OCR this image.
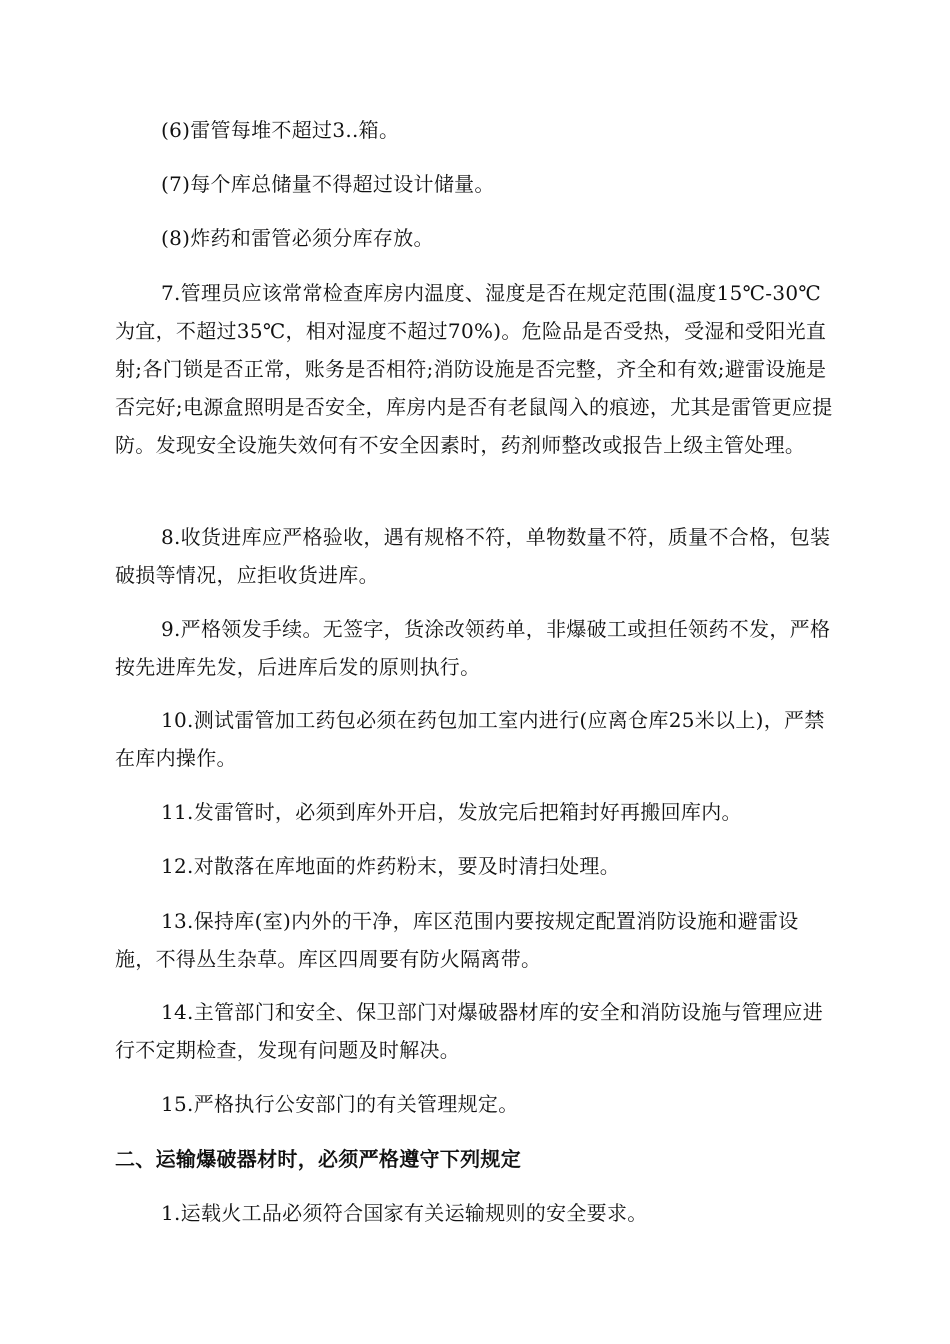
(6)雷管每堆不超过3..箱。

(7)每个库总储量不得超过设计储量。

(8)炸药和雷管必须分库存放。

7.管理员应该常常检查库房内温度、湿度是否在规定范围(温度15℃-30℃为宜，不超过35℃，相对湿度不超过70%)。危险品是否受热，受湿和受阳光直射;各门锁是否正常，账务是否相符;消防设施是否完整，齐全和有效;避雷设施是否完好;电源盒照明是否安全，库房内是否有老鼠闯入的痕迹，尤其是雷管更应提防。发现安全设施失效何有不安全因素时，药剂师整改或报告上级主管处理。

8.收货进库应严格验收，遇有规格不符，单物数量不符，质量不合格，包装破损等情况，应拒收货进库。

9.严格领发手续。无签字，货涂改领药单，非爆破工或担任领药不发，严格按先进库先发，后进库后发的原则执行。

10.测试雷管加工药包必须在药包加工室内进行(应离仓库25米以上)，严禁在库内操作。

11.发雷管时，必须到库外开启，发放完后把箱封好再搬回库内。

12.对散落在库地面的炸药粉末，要及时清扫处理。

13.保持库(室)内外的干净，库区范围内要按规定配置消防设施和避雷设施，不得丛生杂草。库区四周要有防火隔离带。

14.主管部门和安全、保卫部门对爆破器材库的安全和消防设施与管理应进行不定期检查，发现有问题及时解决。

15.严格执行公安部门的有关管理规定。

二、运输爆破器材时，必须严格遵守下列规定

1.运载火工品必须符合国家有关运输规则的安全要求。
